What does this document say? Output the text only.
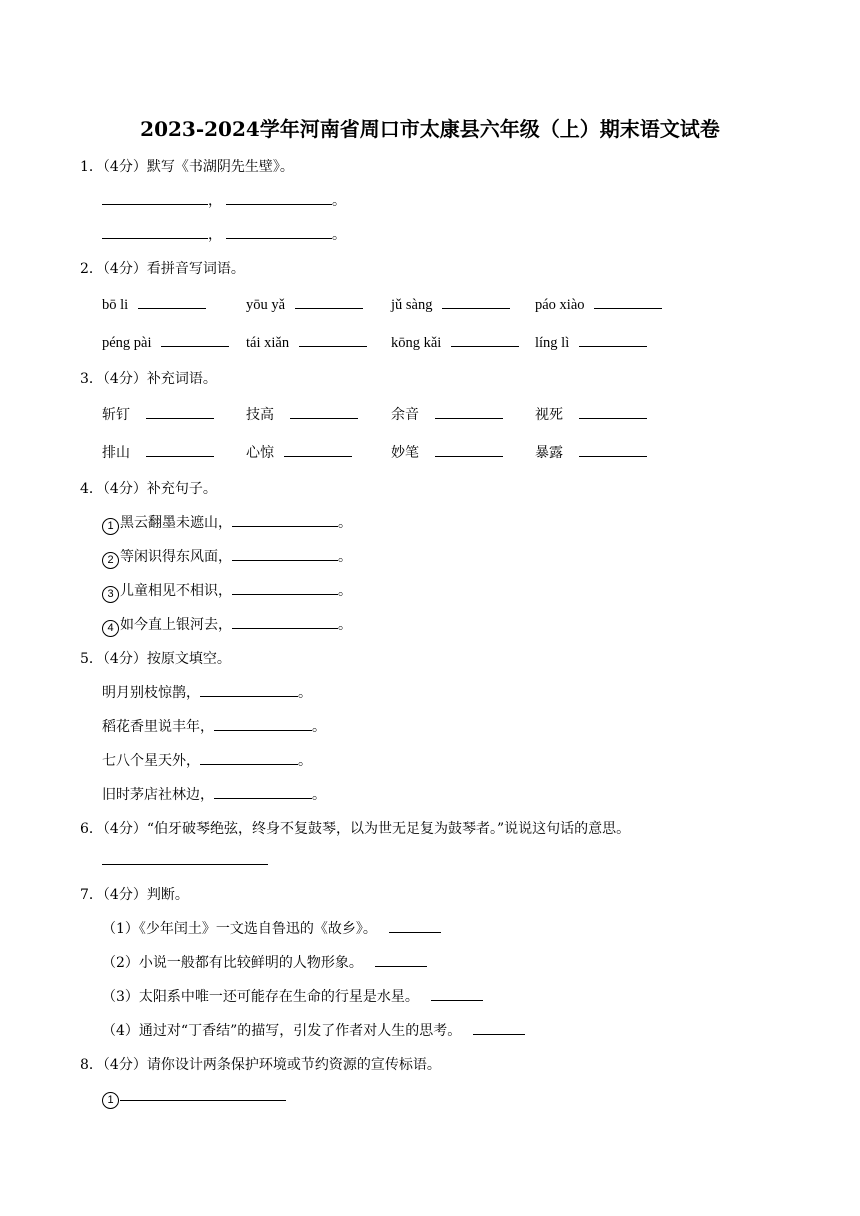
2023-2024学年河南省周口市太康县六年级（上）期末语文试卷
1．（4分）默写《书湖阴先生壁》。
，	。
，	。
2．（4分）看拼音写词语。
bō li	yōu yǎ	jǔ sàng	páo xiào
péng pài	tái xiǎn	kōng kǎi	líng lì
3．（4分）补充词语。
斩钉	技高	余音	视死
排山	心惊	妙笔	暴露
4．（4分）补充句子。
1 黑云翻墨未遮山，	。
2 等闲识得东风面，	。
3 儿童相见不相识，	。
4 如今直上银河去，	。
5．（4分）按原文填空。
明月别枝惊鹊，	。
稻花香里说丰年，	。
七八个星天外，	。
旧时茅店社林边，	。
6．（4分）“伯牙破琴绝弦，终身不复鼓琴，以为世无足复为鼓琴者。”说说这句话的意思。
7．（4分）判断。
（1）《少年闰土》一文选自鲁迅的《故乡》。
（2）小说一般都有比较鲜明的人物形象。
（3）太阳系中唯一还可能存在生命的行星是水星。
（4）通过对“丁香结”的描写，引发了作者对人生的思考。
8．（4分）请你设计两条保护环境或节约资源的宣传标语。
1
